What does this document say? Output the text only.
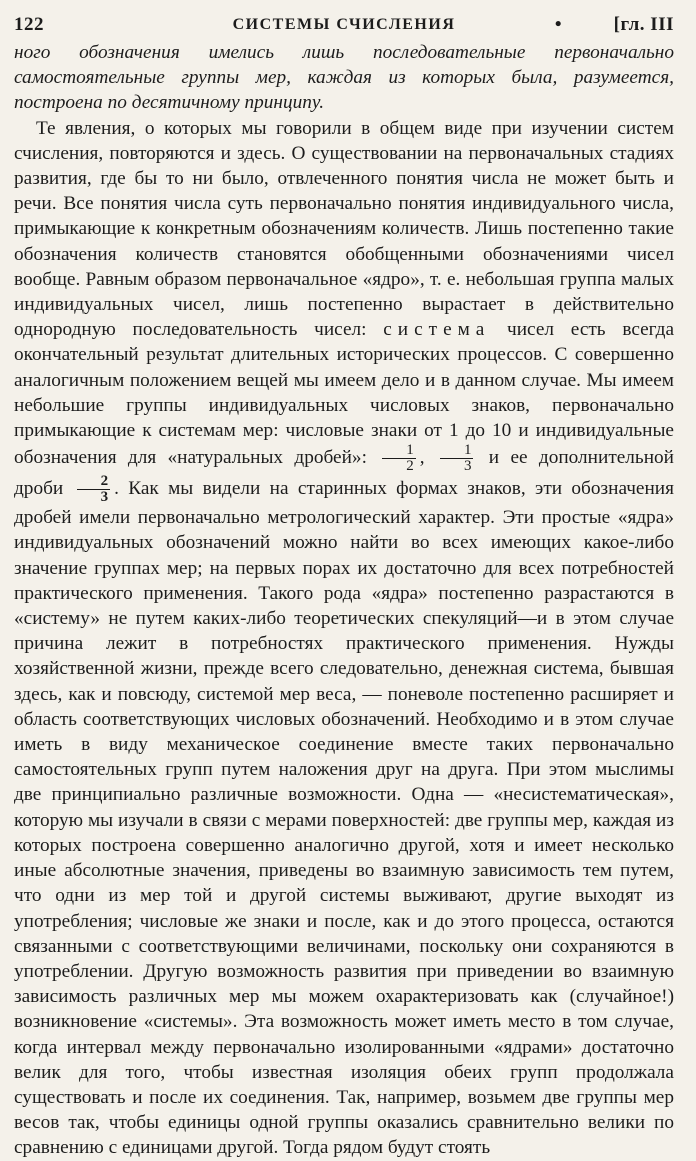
122	СИСТЕМЫ СЧИСЛЕНИЯ	•	[гл. III

ного обозначения имелись лишь последовательные первоначально самостоятельные группы мер, каждая из которых была, разумеется, построена по десятичному принципу.

Те явления, о которых мы говорили в общем виде при изучении систем счисления, повторяются и здесь. О существовании на первоначальных стадиях развития, где бы то ни было, отвлеченного понятия числа не может быть и речи. Все понятия числа суть первоначально понятия индивидуального числа, примыкающие к конкретным обозначениям количеств. Лишь постепенно такие обозначения количеств становятся обобщенными обозначениями чисел вообще. Равным образом первоначальное «ядро», т. е. небольшая группа малых индивидуальных чисел, лишь постепенно вырастает в действительно однородную последовательность чисел: система чисел есть всегда окончательный результат длительных исторических процессов. С совершенно аналогичным положением вещей мы имеем дело и в данном случае. Мы имеем небольшие группы индивидуальных числовых знаков, первоначально примыкающие к системам мер: числовые знаки от 1 до 10 и индивидуальные обозначения для «натуральных дробей»: $\frac{1}{2}$ , $\frac{1}{3}$ и ее дополнительной дроби $\frac{2}{3}$ . Как мы видели на старинных формах знаков, эти обозначения дробей имели первоначально метрологический характер. Эти простые «ядра» индивидуальных обозначений можно найти во всех имеющих какое-либо значение группах мер; на первых порах их достаточно для всех потребностей практического применения. Такого рода «ядра» постепенно разрастаются в «систему» не путем каких-либо теоретических спекуляций—и в этом случае причина лежит в потребностях практического применения. Нужды хозяйственной жизни, прежде всего следовательно, денежная система, бывшая здесь, как и повсюду, системой мер веса, — поневоле постепенно расширяет и область соответствующих числовых обозначений. Необходимо и в этом случае иметь в виду механическое соединение вместе таких первоначально самостоятельных групп путем наложения друг на друга. При этом мыслимы две принципиально различные возможности. Одна — «несистематическая», которую мы изучали в связи с мерами поверхностей: две группы мер, каждая из которых построена совершенно аналогично другой, хотя и имеет несколько иные абсолютные значения, приведены во взаимную зависимость тем путем, что одни из мер той и другой системы выживают, другие выходят из употребления; числовые же знаки и после, как и до этого процесса, остаются связанными с соответствующими величинами, поскольку они сохраняются в употреблении. Другую возможность развития при приведении во взаимную зависимость различных мер мы можем охарактеризовать как (случайное!) возникновение «системы». Эта возможность может иметь место в том случае, когда интервал между первоначально изолированными «ядрами» достаточно велик для того, чтобы известная изоляция обеих групп продолжала существовать и после их соединения. Так, например, возьмем две группы мер весов так, чтобы единицы одной группы оказались сравнительно велики по сравнению с единицами другой. Тогда рядом будут стоять
